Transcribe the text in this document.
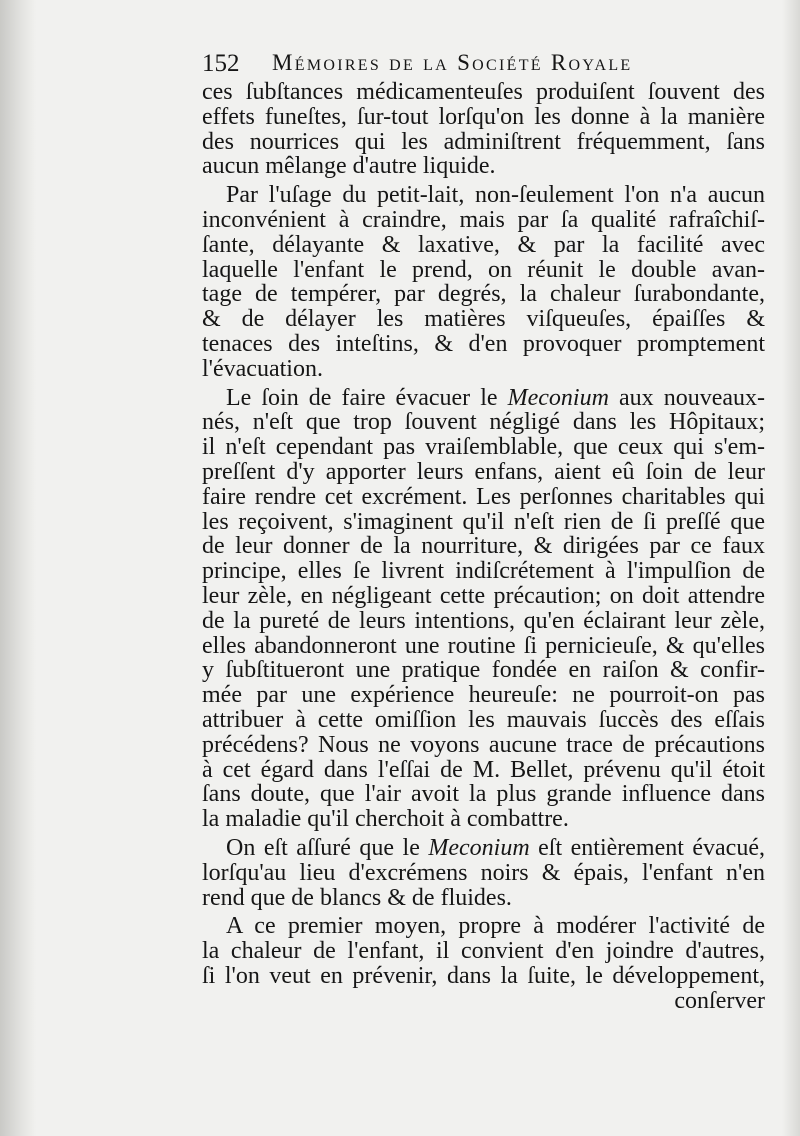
152 Mémoires de la Société Royale
ces ſubſtances médicamenteuſes produiſent ſouvent des
effets funeſtes, ſur-tout lorſqu'on les donne à la manière
des nourrices qui les adminiſtrent fréquemment, ſans
aucun mêlange d'autre liquide.
Par l'uſage du petit-lait, non-ſeulement l'on n'a aucun
inconvénient à craindre, mais par ſa qualité rafraîchiſ-
ſante, délayante & laxative, & par la facilité avec
laquelle l'enfant le prend, on réunit le double avan-
tage de tempérer, par degrés, la chaleur ſurabondante,
& de délayer les matières viſqueuſes, épaiſſes &
tenaces des inteſtins, & d'en provoquer promptement
l'évacuation.
Le ſoin de faire évacuer le Meconium aux nouveaux-
nés, n'eſt que trop ſouvent négligé dans les Hôpitaux;
il n'eſt cependant pas vraiſemblable, que ceux qui s'em-
preſſent d'y apporter leurs enfans, aient eû ſoin de leur
faire rendre cet excrément. Les perſonnes charitables qui
les reçoivent, s'imaginent qu'il n'eſt rien de ſi preſſé que
de leur donner de la nourriture, & dirigées par ce faux
principe, elles ſe livrent indiſcrétement à l'impulſion de
leur zèle, en négligeant cette précaution; on doit attendre
de la pureté de leurs intentions, qu'en éclairant leur zèle,
elles abandonneront une routine ſi pernicieuſe, & qu'elles
y ſubſtitueront une pratique fondée en raiſon & confir-
mée par une expérience heureuſe: ne pourroit-on pas
attribuer à cette omiſſion les mauvais ſuccès des eſſais
précédens? Nous ne voyons aucune trace de précautions
à cet égard dans l'eſſai de M. Bellet, prévenu qu'il étoit
ſans doute, que l'air avoit la plus grande influence dans
la maladie qu'il cherchoit à combattre.
On eſt aſſuré que le Meconium eſt entièrement évacué,
lorſqu'au lieu d'excrémens noirs & épais, l'enfant n'en
rend que de blancs & de fluides.
A ce premier moyen, propre à modérer l'activité de
la chaleur de l'enfant, il convient d'en joindre d'autres,
ſi l'on veut en prévenir, dans la ſuite, le développement,
conſerver
